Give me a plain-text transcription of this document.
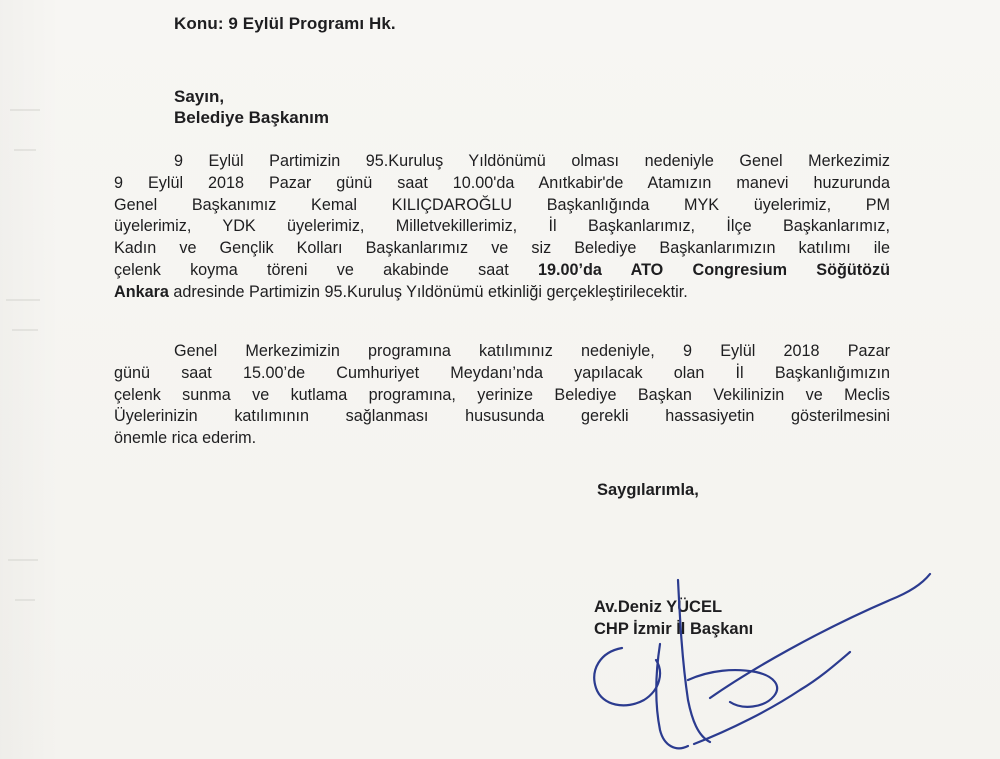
Konu: 9 Eylül Programı Hk.
Sayın,
Belediye Başkanım
9 Eylül Partimizin 95.Kuruluş Yıldönümü olması nedeniyle Genel Merkezimiz
9 Eylül 2018 Pazar günü saat 10.00'da Anıtkabir'de Atamızın manevi huzurunda
Genel Başkanımız Kemal KILIÇDAROĞLU Başkanlığında MYK üyelerimiz, PM
üyelerimiz, YDK üyelerimiz, Milletvekillerimiz, İl Başkanlarımız, İlçe Başkanlarımız,
Kadın ve Gençlik Kolları Başkanlarımız ve siz Belediye Başkanlarımızın katılımı ile
çelenk koyma töreni ve akabinde saat 19.00’da ATO Congresium Söğütözü
Ankara adresinde Partimizin 95.Kuruluş Yıldönümü etkinliği gerçekleştirilecektir.
Genel Merkezimizin programına katılımınız nedeniyle, 9 Eylül 2018 Pazar
günü saat 15.00’de Cumhuriyet Meydanı’nda yapılacak olan İl Başkanlığımızın
çelenk sunma ve kutlama programına, yerinize Belediye Başkan Vekilinizin ve Meclis
Üyelerinizin katılımının sağlanması hususunda gerekli hassasiyetin gösterilmesini
önemle rica ederim.
Saygılarımla,
Av.Deniz YÜCEL
CHP İzmir İl Başkanı
